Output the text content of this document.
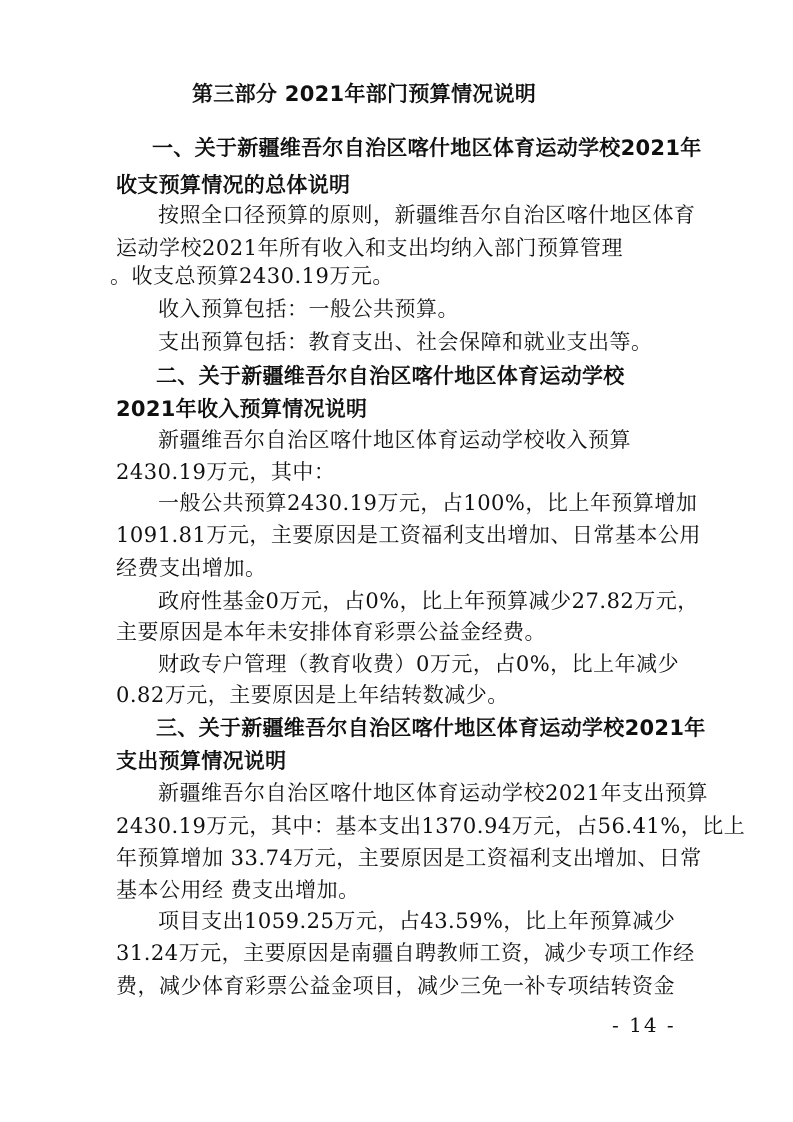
第三部分 2021年部门预算情况说明
一、关于新疆维吾尔自治区喀什地区体育运动学校2021年
收支预算情况的总体说明
按照全口径预算的原则，新疆维吾尔自治区喀什地区体育
运动学校2021年所有收入和支出均纳入部门预算管理
。收支总预算2430.19万元。
收入预算包括：一般公共预算。
支出预算包括：教育支出、社会保障和就业支出等。
二、关于新疆维吾尔自治区喀什地区体育运动学校
2021年收入预算情况说明
新疆维吾尔自治区喀什地区体育运动学校收入预算
2430.19万元，其中：
一般公共预算2430.19万元，占100%，比上年预算增加
1091.81万元，主要原因是工资福利支出增加、日常基本公用
经费支出增加。
政府性基金0万元，占0%，比上年预算减少27.82万元，
主要原因是本年未安排体育彩票公益金经费。
财政专户管理（教育收费）0万元，占0%，比上年减少
0.82万元，主要原因是上年结转数减少。
三、关于新疆维吾尔自治区喀什地区体育运动学校2021年
支出预算情况说明
新疆维吾尔自治区喀什地区体育运动学校2021年支出预算
2430.19万元，其中：基本支出1370.94万元，占56.41%，比上
年预算增加 33.74万元，主要原因是工资福利支出增加、日常
基本公用经 费支出增加。
项目支出1059.25万元，占43.59%，比上年预算减少
31.24万元，主要原因是南疆自聘教师工资，减少专项工作经
费，减少体育彩票公益金项目，减少三免一补专项结转资金
- 14 -
